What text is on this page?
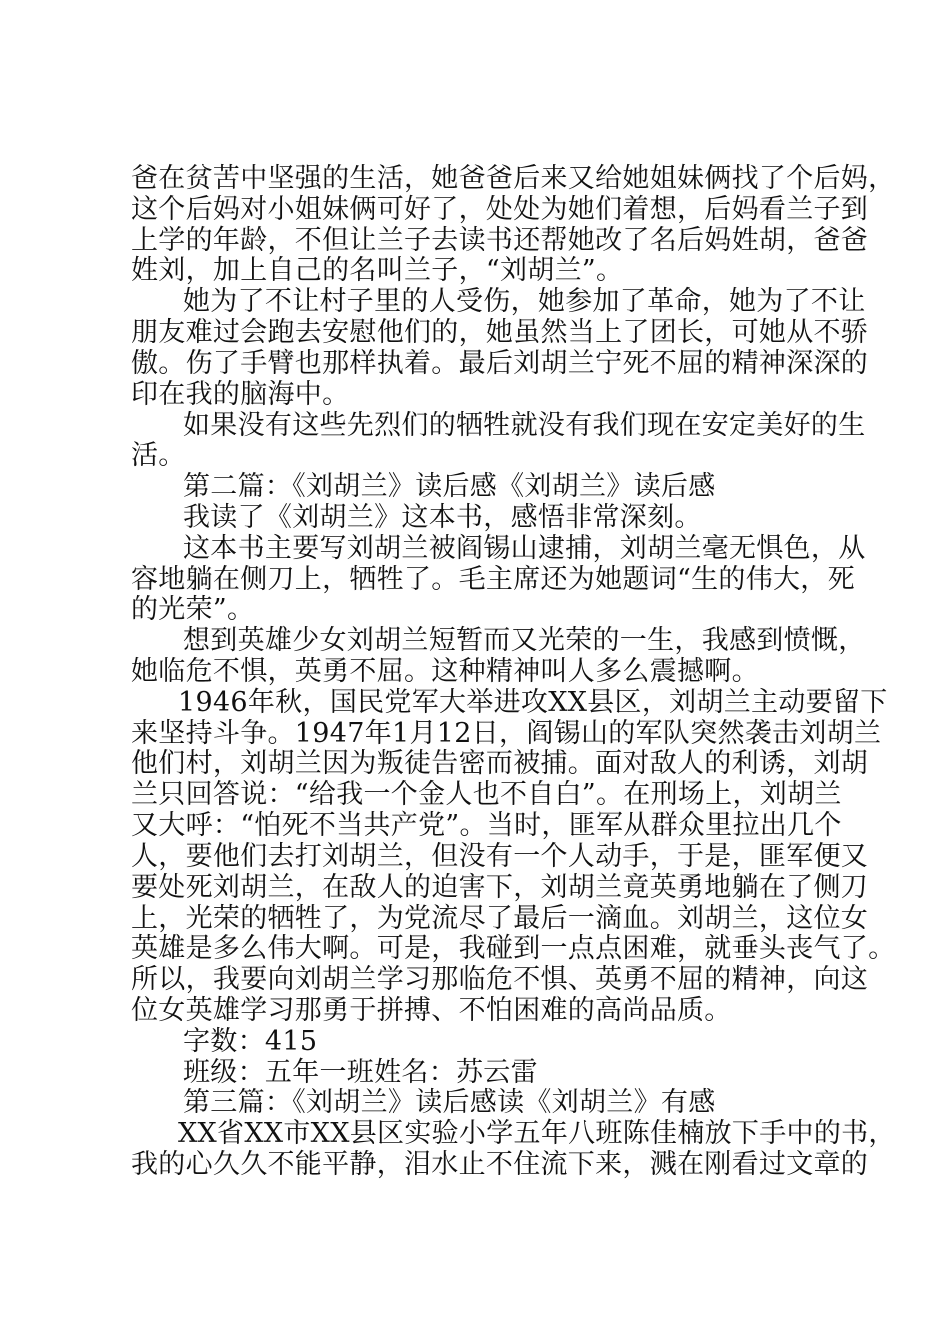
爸在贫苦中坚强的生活，她爸爸后来又给她姐妹俩找了个后妈，
这个后妈对小姐妹俩可好了，处处为她们着想，后妈看兰子到
上学的年龄，不但让兰子去读书还帮她改了名后妈姓胡，爸爸
姓刘，加上自己的名叫兰子，“刘胡兰”。
她为了不让村子里的人受伤，她参加了革命，她为了不让
朋友难过会跑去安慰他们的，她虽然当上了团长，可她从不骄
傲。伤了手臂也那样执着。最后刘胡兰宁死不屈的精神深深的
印在我的脑海中。
如果没有这些先烈们的牺牲就没有我们现在安定美好的生
活。
第二篇：《刘胡兰》读后感《刘胡兰》读后感
我读了《刘胡兰》这本书，感悟非常深刻。
这本书主要写刘胡兰被阎锡山逮捕，刘胡兰毫无惧色，从
容地躺在侧刀上，牺牲了。毛主席还为她题词“生的伟大，死
的光荣”。
想到英雄少女刘胡兰短暂而又光荣的一生，我感到愤慨，
她临危不惧，英勇不屈。这种精神叫人多么震撼啊。
1946年秋，国民党军大举进攻XX县区，刘胡兰主动要留下
来坚持斗争。1947年1月12日，阎锡山的军队突然袭击刘胡兰
他们村，刘胡兰因为叛徒告密而被捕。面对敌人的利诱，刘胡
兰只回答说：“给我一个金人也不自白”。在刑场上，刘胡兰
又大呼：“怕死不当共产党”。当时，匪军从群众里拉出几个
人，要他们去打刘胡兰，但没有一个人动手，于是，匪军便又
要处死刘胡兰，在敌人的迫害下，刘胡兰竟英勇地躺在了侧刀
上，光荣的牺牲了，为党流尽了最后一滴血。刘胡兰，这位女
英雄是多么伟大啊。可是，我碰到一点点困难，就垂头丧气了。
所以，我要向刘胡兰学习那临危不惧、英勇不屈的精神，向这
位女英雄学习那勇于拼搏、不怕困难的高尚品质。
字数：415
班级：五年一班姓名：苏云雷
第三篇：《刘胡兰》读后感读《刘胡兰》有感
XX省XX市XX县区实验小学五年八班陈佳楠放下手中的书，
我的心久久不能平静，泪水止不住流下来，溅在刚看过文章的
